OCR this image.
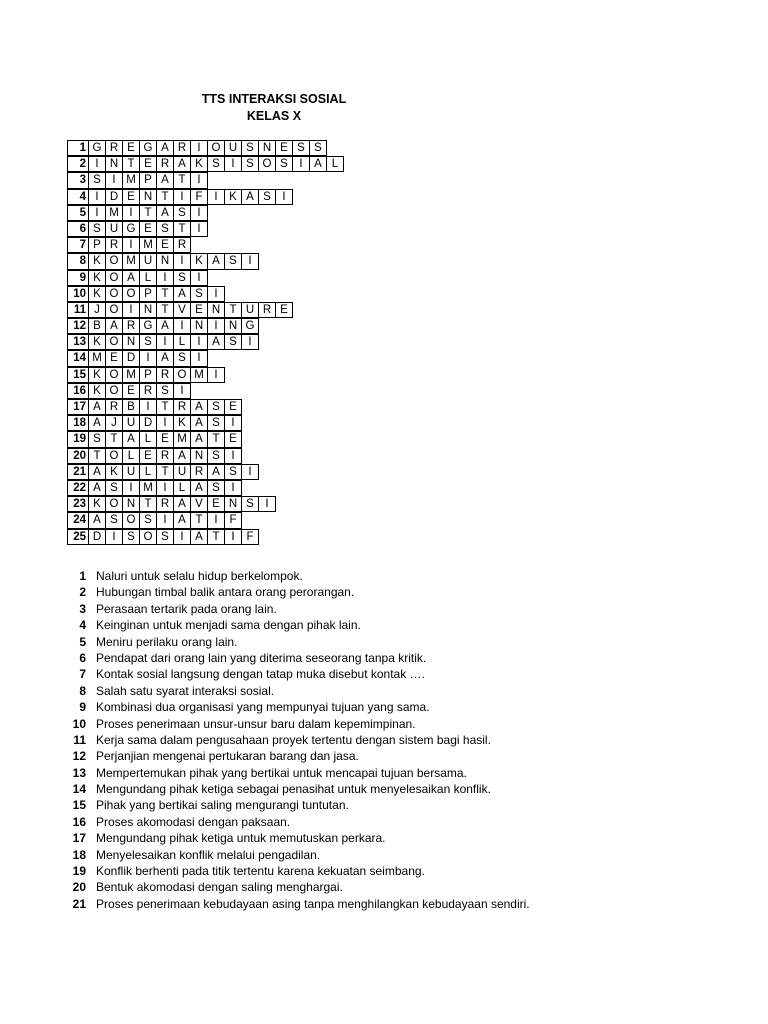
TTS INTERAKSI SOSIAL
KELAS X
1 G R E G A R I O U S N E S S
2 I N T E R A K S	I	S O S	I	A L
3 S	I M P A T	I
4 I D E N T	I	F	I	K A S	I
5 I M I	T A S	I
6 S U G E S T	I
7 P R I M E R
8 K O M U N I	K A S	I
9 K O A L	I	S	I
10 K O O P T A S	I
11 J O I N T V E N T U R E
12 B A R G A	I N I N G
13 K O N S	I	L	I	A S	I
14 M E D I	A S	I
15 K O M P R O M I
16 K O E R S	I
17 A R B	I	T R A S E
18 A J U D I	K A S	I
19 S T A L E M A T E
20 T O L E R A N S	I
21 A K U L T U R A S	I
22 A S	I M I	L A S	I
23 K O N T R A V E N S	I
24 A S O S	I	A T	I	F
25 D I	S O S	I	A T	I	F
1 Naluri untuk selalu hidup berkelompok.
2 Hubungan timbal balik antara orang perorangan.
3 Perasaan tertarik pada orang lain.
4 Keinginan untuk menjadi sama dengan pihak lain.
5 Meniru perilaku orang lain.
6 Pendapat dari orang lain yang diterima seseorang tanpa kritik.
7 Kontak sosial langsung dengan tatap muka disebut kontak ….
8 Salah satu syarat interaksi sosial.
9 Kombinasi dua organisasi yang mempunyai tujuan yang sama.
10 Proses penerimaan unsur-unsur baru dalam kepemimpinan.
11 Kerja sama dalam pengusahaan proyek tertentu dengan sistem bagi hasil.
12 Perjanjian mengenai pertukaran barang dan jasa.
13 Mempertemukan pihak yang bertikai untuk mencapai tujuan bersama.
14 Mengundang pihak ketiga sebagai penasihat untuk menyelesaikan konflik.
15 Pihak yang bertikai saling mengurangi tuntutan.
16 Proses akomodasi dengan paksaan.
17 Mengundang pihak ketiga untuk memutuskan perkara.
18 Menyelesaikan konflik melalui pengadilan.
19 Konflik berhenti pada titik tertentu karena kekuatan seimbang.
20 Bentuk akomodasi dengan saling menghargai.
21 Proses penerimaan kebudayaan asing tanpa menghilangkan kebudayaan sendiri.
